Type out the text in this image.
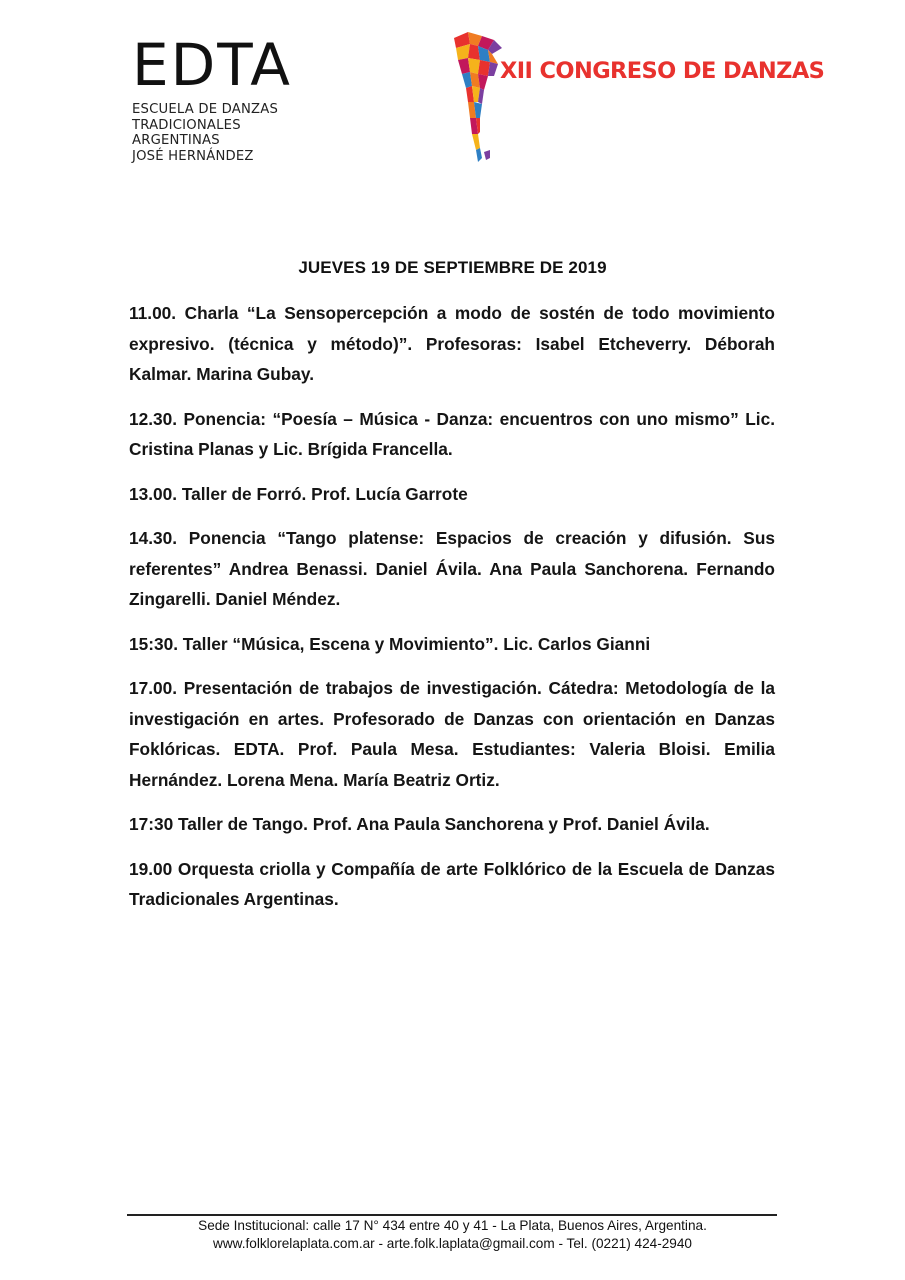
EDTA
ESCUELA DE DANZAS
TRADICIONALES
ARGENTINAS
JOSÉ HERNÁNDEZ
XII CONGRESO DE DANZAS
JUEVES 19 DE SEPTIEMBRE DE 2019

11.00. Charla “La Sensopercepción a modo de sostén de todo movimiento expresivo. (técnica y método)”. Profesoras: Isabel Etcheverry. Déborah Kalmar. Marina Gubay.

12.30. Ponencia: “Poesía – Música - Danza: encuentros con uno mismo” Lic. Cristina Planas y Lic. Brígida Francella.

13.00. Taller de Forró. Prof. Lucía Garrote

14.30. Ponencia “Tango platense: Espacios de creación y difusión. Sus referentes” Andrea Benassi. Daniel Ávila. Ana Paula Sanchorena. Fernando Zingarelli. Daniel Méndez.

15:30. Taller “Música, Escena y Movimiento”. Lic. Carlos Gianni

17.00. Presentación de trabajos de investigación. Cátedra: Metodología de la investigación en artes. Profesorado de Danzas con orientación en Danzas Foklóricas. EDTA. Prof. Paula Mesa. Estudiantes: Valeria Bloisi. Emilia Hernández. Lorena Mena. María Beatriz Ortiz.

17:30 Taller de Tango. Prof. Ana Paula Sanchorena y Prof. Daniel Ávila.

19.00 Orquesta criolla y Compañía de arte Folklórico de la Escuela de Danzas Tradicionales Argentinas.

Sede Institucional: calle 17 N° 434 entre 40 y 41 - La Plata, Buenos Aires, Argentina.
www.folklorelaplata.com.ar - arte.folk.laplata@gmail.com - Tel. (0221) 424-2940
